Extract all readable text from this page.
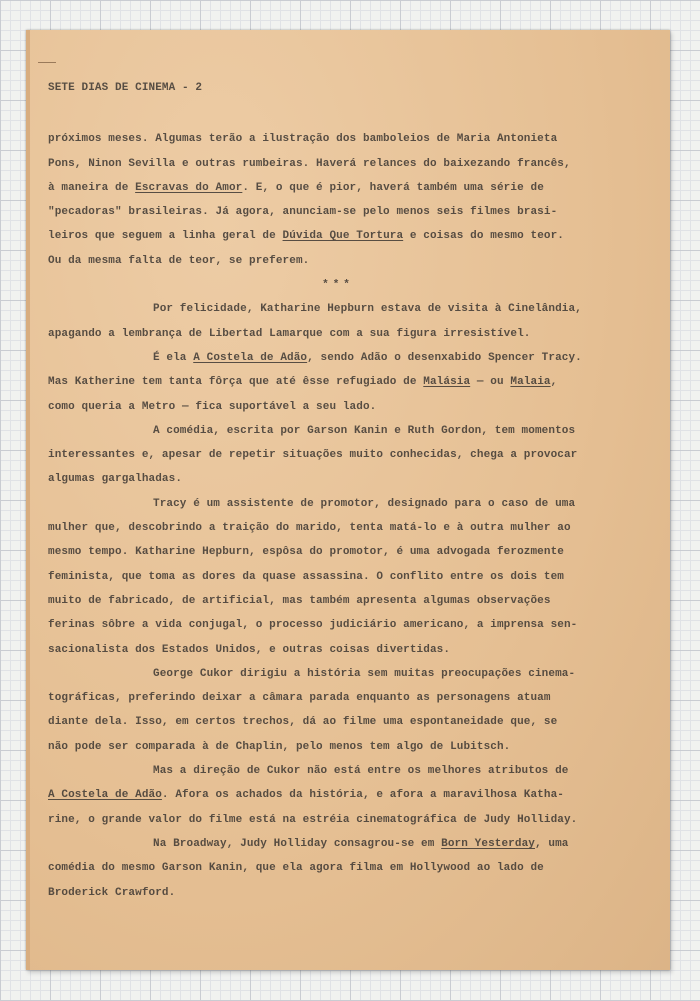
SETE DIAS DE CINEMA - 2
próximos meses. Algumas terão a ilustração dos bamboleios de Maria Antonieta
Pons, Ninon Sevilla e outras rumbeiras. Haverá relances do baixezando francês,
à maneira de Escravas do Amor. E, o que é pior, haverá também uma série de
"pecadoras" brasileiras. Já agora, anunciam-se pelo menos seis filmes brasi-
leiros que seguem a linha geral de Dúvida Que Tortura e coisas do mesmo teor.
Ou da mesma falta de teor, se preferem.
***
Por felicidade, Katharine Hepburn estava de visita à Cinelândia,
apagando a lembrança de Libertad Lamarque com a sua figura irresistível.
É ela A Costela de Adão, sendo Adão o desenxabido Spencer Tracy.
Mas Katherine tem tanta fôrça que até êsse refugiado de Malásia — ou Malaia,
como queria a Metro — fica suportável a seu lado.
A comédia, escrita por Garson Kanin e Ruth Gordon, tem momentos
interessantes e, apesar de repetir situações muito conhecidas, chega a provocar
algumas gargalhadas.
Tracy é um assistente de promotor, designado para o caso de uma
mulher que, descobrindo a traição do marido, tenta matá-lo e à outra mulher ao
mesmo tempo. Katharine Hepburn, espôsa do promotor, é uma advogada ferozmente
feminista, que toma as dores da quase assassina. O conflito entre os dois tem
muito de fabricado, de artificial, mas também apresenta algumas observações
ferinas sôbre a vida conjugal, o processo judiciário americano, a imprensa sen-
sacionalista dos Estados Unidos, e outras coisas divertidas.
George Cukor dirigiu a história sem muitas preocupações cinema-
tográficas, preferindo deixar a câmara parada enquanto as personagens atuam
diante dela. Isso, em certos trechos, dá ao filme uma espontaneidade que, se
não pode ser comparada à de Chaplin, pelo menos tem algo de Lubitsch.
Mas a direção de Cukor não está entre os melhores atributos de
A Costela de Adão. Afora os achados da história, e afora a maravilhosa Katha-
rine, o grande valor do filme está na estréia cinematográfica de Judy Holliday.
Na Broadway, Judy Holliday consagrou-se em Born Yesterday, uma
comédia do mesmo Garson Kanin, que ela agora filma em Hollywood ao lado de
Broderick Crawford.
